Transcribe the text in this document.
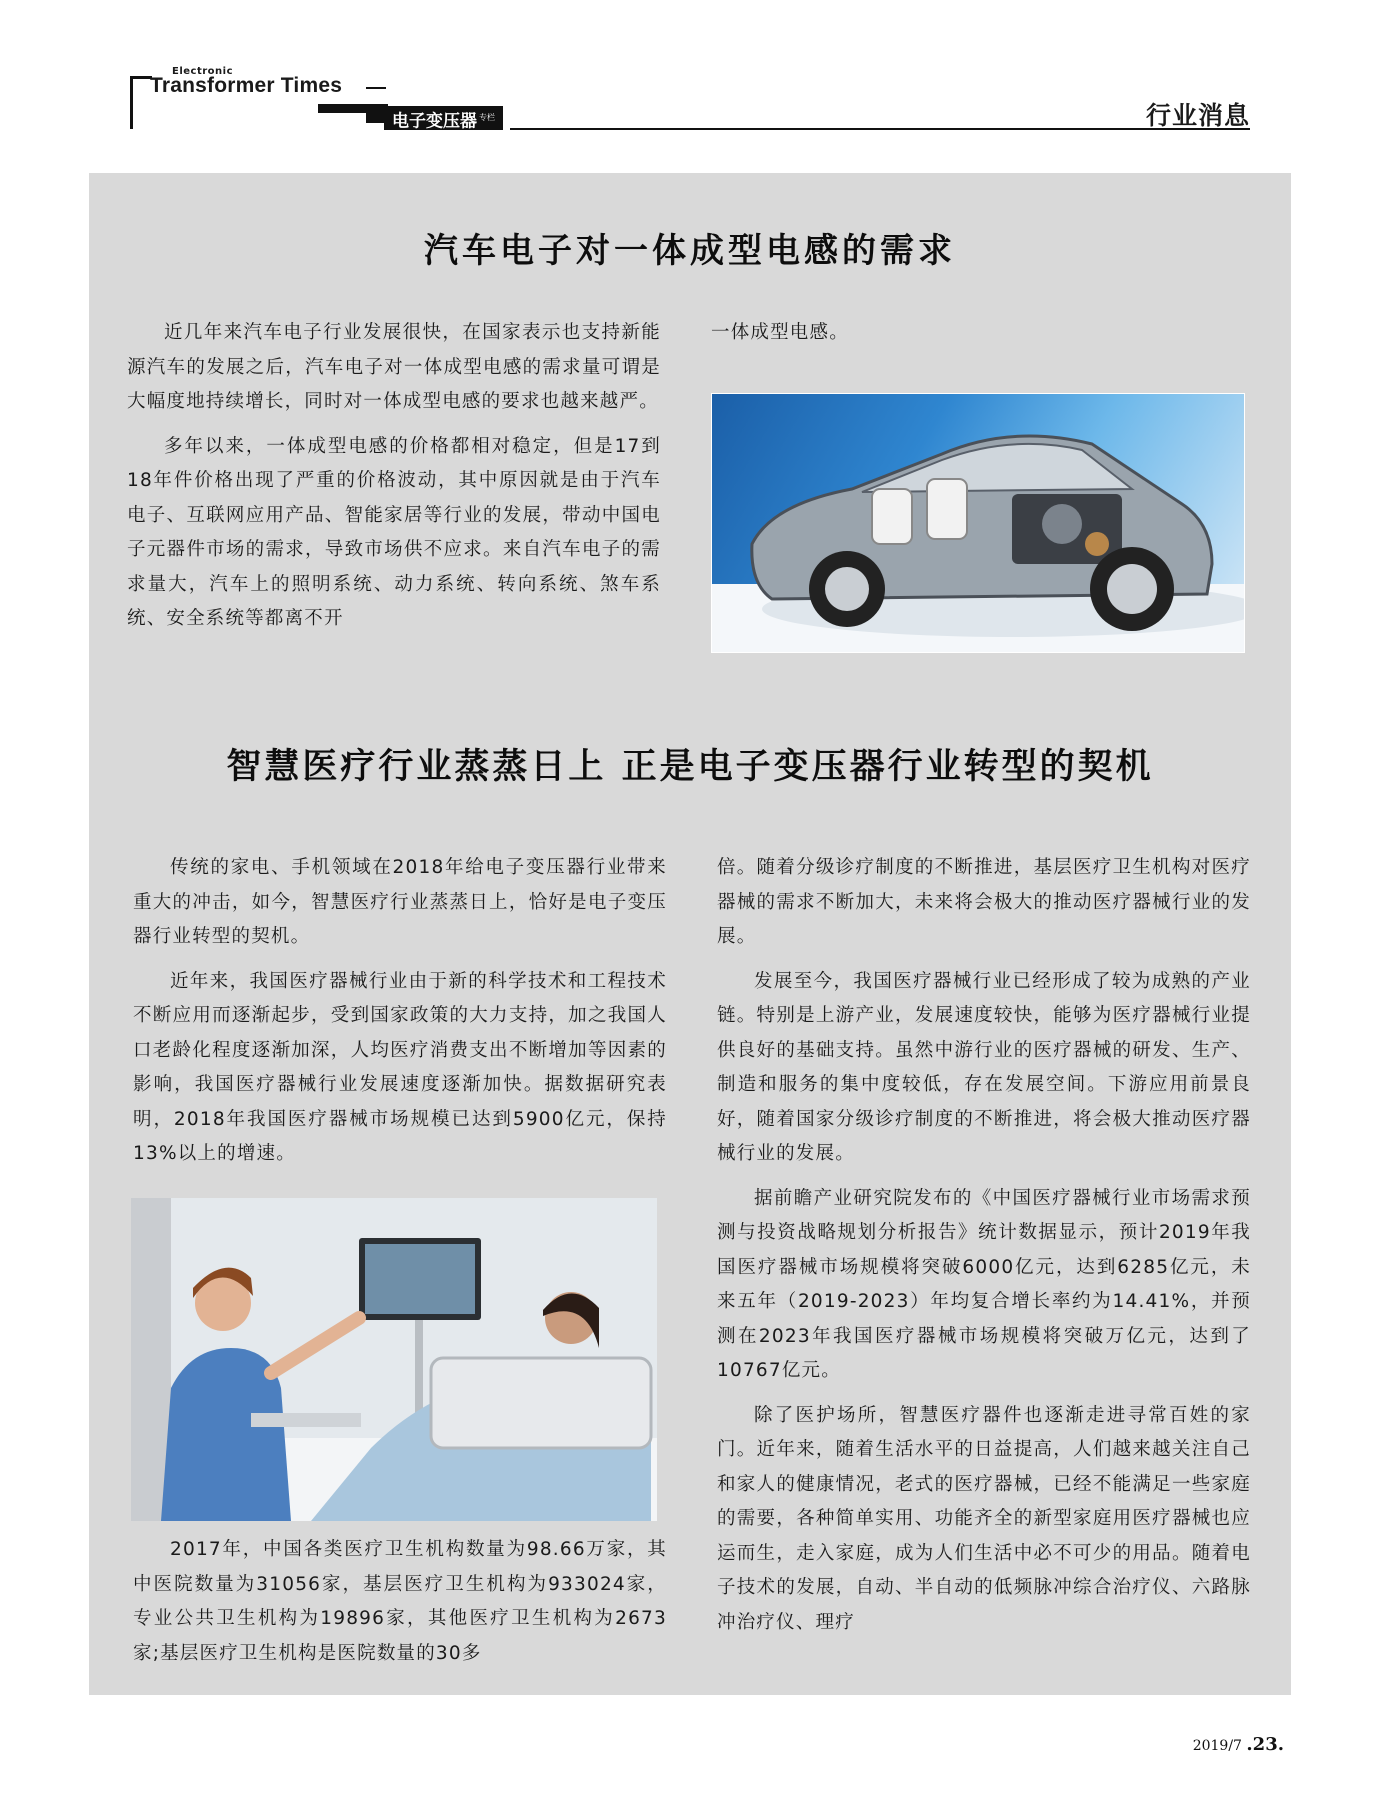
Electronic
Transformer Times
电子变压器 $^{专栏}$	行业消息
汽车电子对一体成型电感的需求

近几年来汽车电子行业发展很快，在国家表示也支持新能源汽车的发展之后，汽车电子对一体成型电感的需求量可谓是大幅度地持续增长，同时对一体成型电感的要求也越来越严。

多年以来，一体成型电感的价格都相对稳定，但是17到18年件价格出现了严重的价格波动，其中原因就是由于汽车电子、互联网应用产品、智能家居等行业的发展，带动中国电子元器件市场的需求，导致市场供不应求。来自汽车电子的需求量大，汽车上的照明系统、动力系统、转向系统、煞车系统、安全系统等都离不开

一体成型电感。

智慧医疗行业蒸蒸日上 正是电子变压器行业转型的契机

传统的家电、手机领域在2018年给电子变压器行业带来重大的冲击，如今，智慧医疗行业蒸蒸日上，恰好是电子变压器行业转型的契机。

近年来，我国医疗器械行业由于新的科学技术和工程技术不断应用而逐渐起步，受到国家政策的大力支持，加之我国人口老龄化程度逐渐加深，人均医疗消费支出不断增加等因素的影响，我国医疗器械行业发展速度逐渐加快。据数据研究表明，2018年我国医疗器械市场规模已达到5900亿元，保持13%以上的增速。

2017年，中国各类医疗卫生机构数量为98.66万家，其中医院数量为31056家，基层医疗卫生机构为933024家，专业公共卫生机构为19896家，其他医疗卫生机构为2673家;基层医疗卫生机构是医院数量的30多

倍。随着分级诊疗制度的不断推进，基层医疗卫生机构对医疗器械的需求不断加大，未来将会极大的推动医疗器械行业的发展。

发展至今，我国医疗器械行业已经形成了较为成熟的产业链。特别是上游产业，发展速度较快，能够为医疗器械行业提供良好的基础支持。虽然中游行业的医疗器械的研发、生产、制造和服务的集中度较低，存在发展空间。下游应用前景良好，随着国家分级诊疗制度的不断推进，将会极大推动医疗器械行业的发展。

据前瞻产业研究院发布的《中国医疗器械行业市场需求预测与投资战略规划分析报告》统计数据显示，预计2019年我国医疗器械市场规模将突破6000亿元，达到6285亿元，未来五年（2019-2023）年均复合增长率约为14.41%，并预测在2023年我国医疗器械市场规模将突破万亿元，达到了10767亿元。

除了医护场所，智慧医疗器件也逐渐走进寻常百姓的家门。近年来，随着生活水平的日益提高，人们越来越关注自己和家人的健康情况，老式的医疗器械，已经不能满足一些家庭的需要，各种简单实用、功能齐全的新型家庭用医疗器械也应运而生，走入家庭，成为人们生活中必不可少的用品。随着电子技术的发展，自动、半自动的低频脉冲综合治疗仪、六路脉冲治疗仪、理疗

2019/7 .23.
